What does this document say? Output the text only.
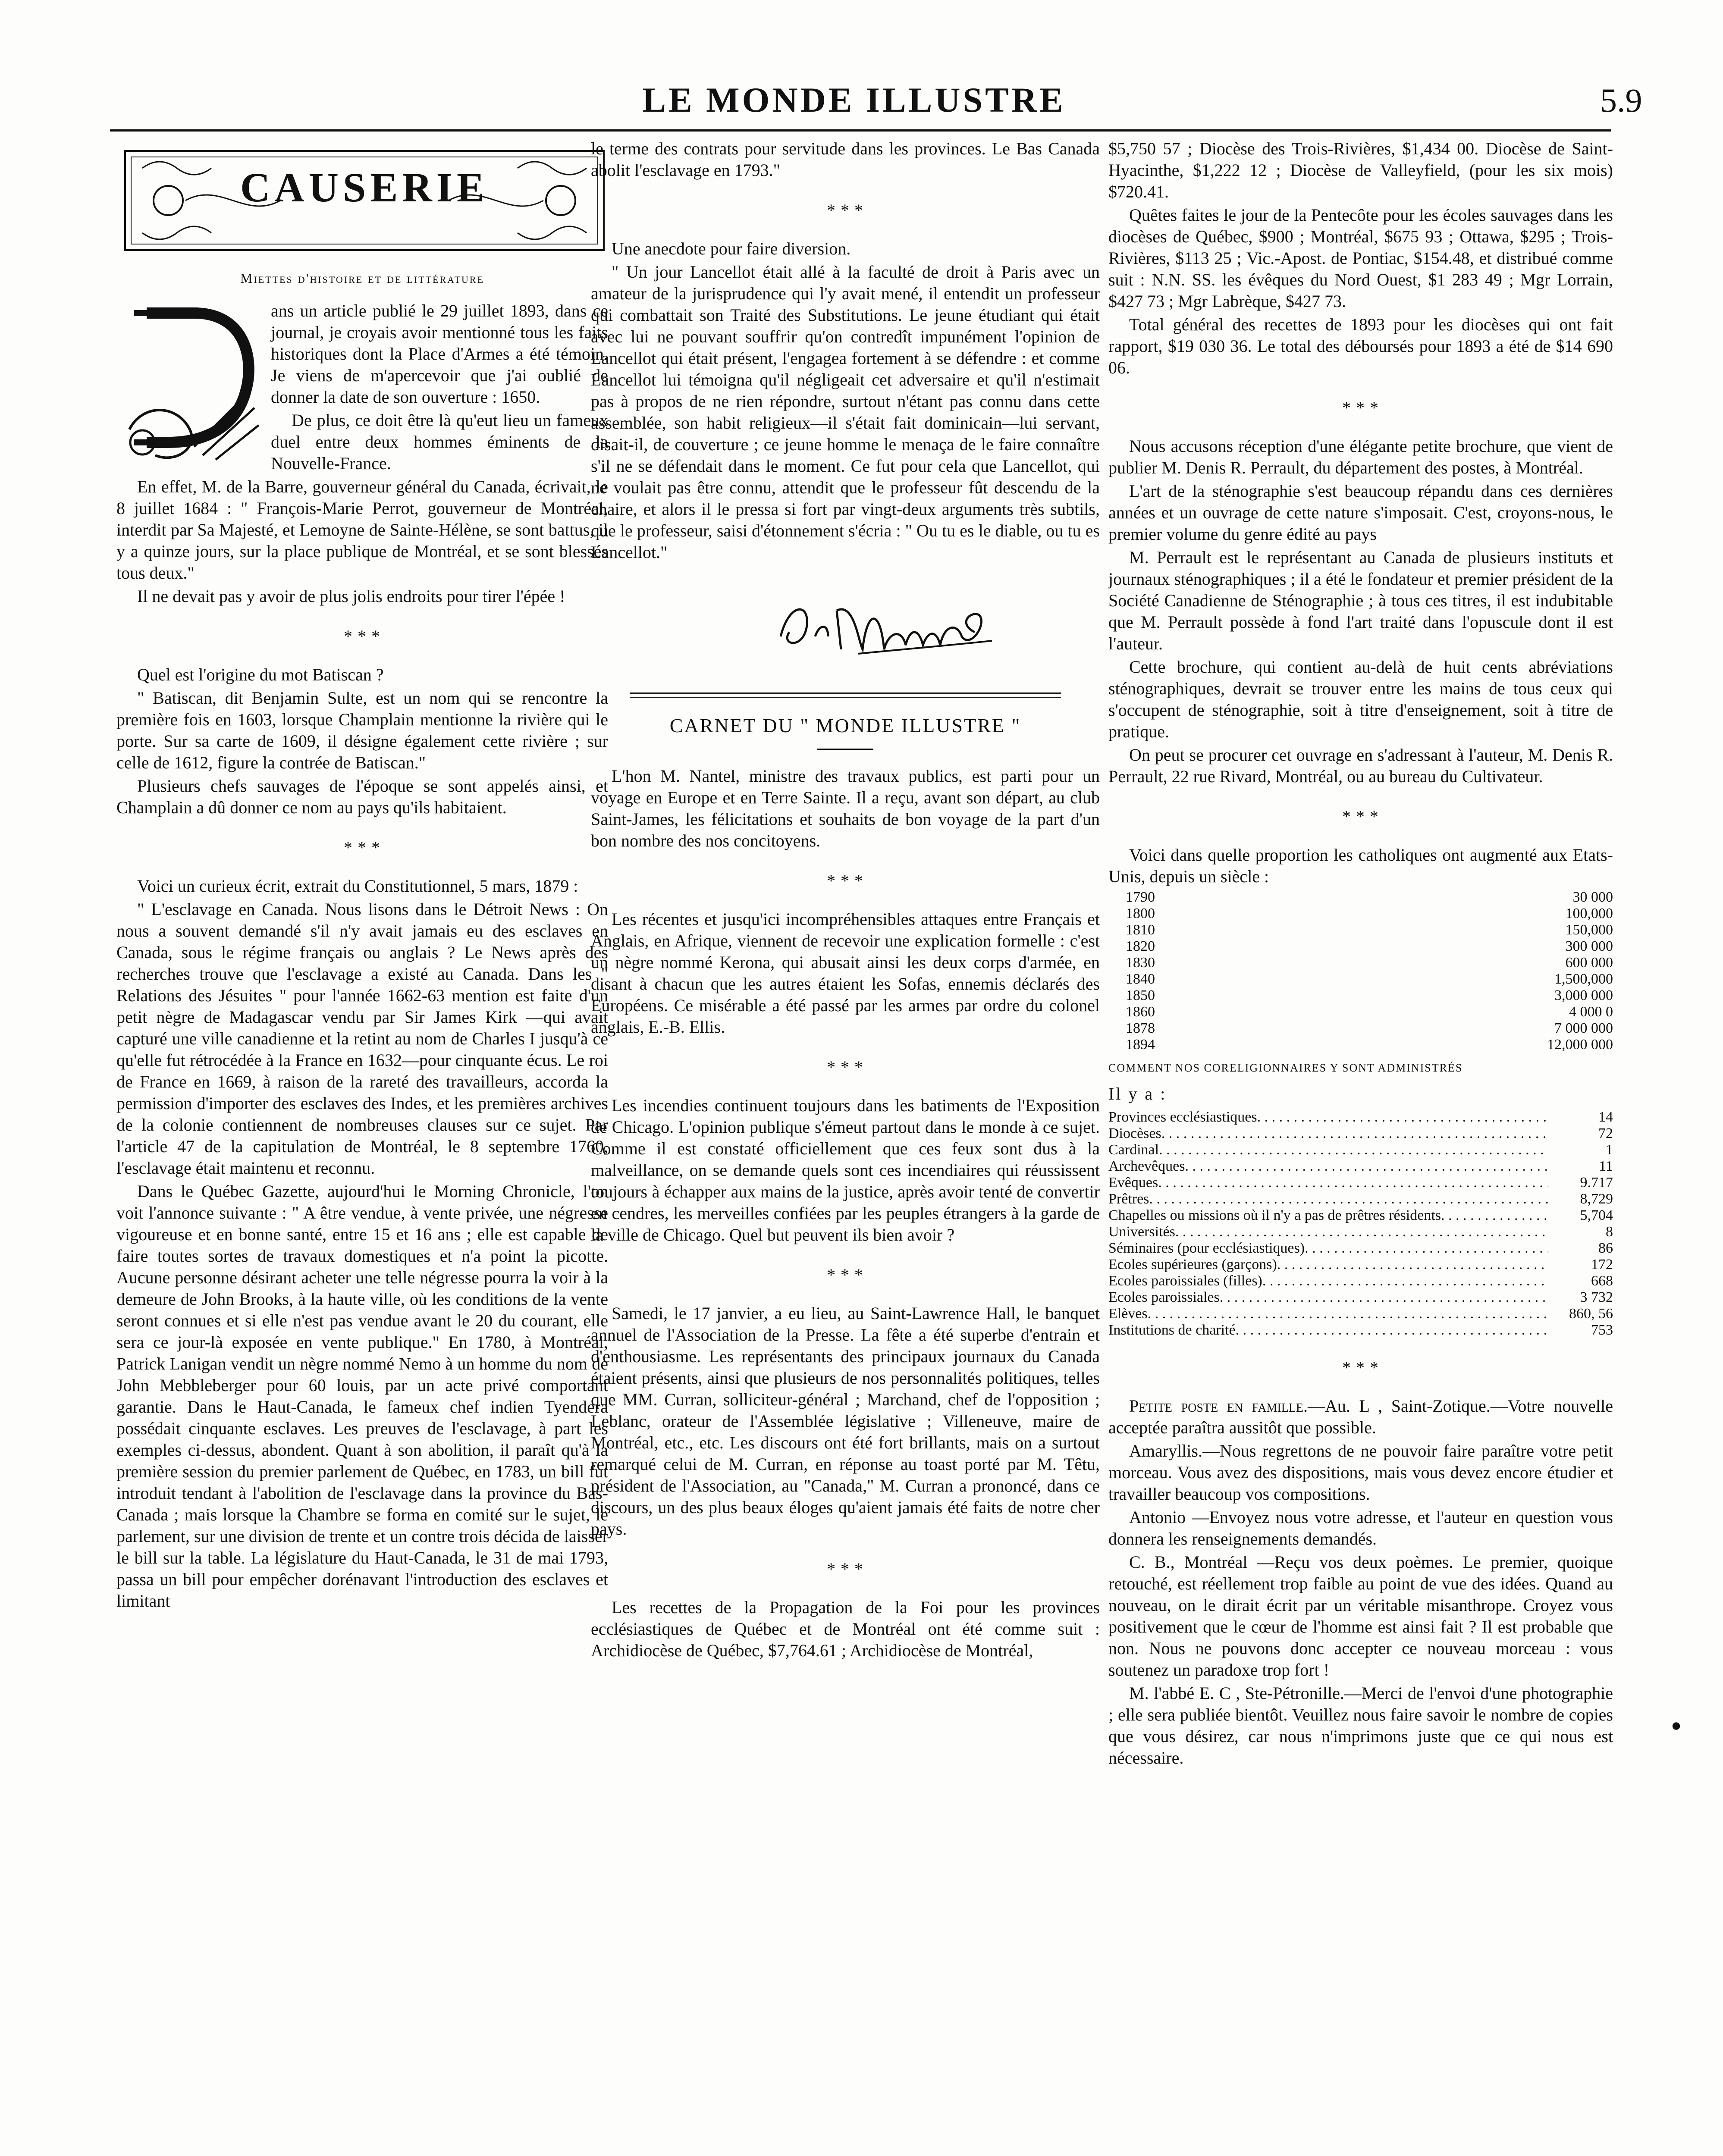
LE MONDE ILLUSTRE	5.9
CAUSERIE
Miettes d'histoire et de littérature

ans un article publié le 29 juillet 1893, dans ce journal, je croyais avoir mentionné tous les faits historiques dont la Place d'Armes a été témoin. Je viens de m'apercevoir que j'ai oublié de donner la date de son ouverture : 1650.

De plus, ce doit être là qu'eut lieu un fameux duel entre deux hommes éminents de la Nouvelle-France.

En effet, M. de la Barre, gouverneur général du Canada, écrivait, le 8 juillet 1684 : " François-Marie Perrot, gouverneur de Montréal, interdit par Sa Majesté, et Lemoyne de Sainte-Hélène, se sont battus, il y a quinze jours, sur la place publique de Montréal, et se sont blessés tous deux."

Il ne devait pas y avoir de plus jolis endroits pour tirer l'épée !

* * *

Quel est l'origine du mot Batiscan ?

" Batiscan, dit Benjamin Sulte, est un nom qui se rencontre la première fois en 1603, lorsque Champlain mentionne la rivière qui le porte. Sur sa carte de 1609, il désigne également cette rivière ; sur celle de 1612, figure la contrée de Batiscan."

Plusieurs chefs sauvages de l'époque se sont appelés ainsi, et Champlain a dû donner ce nom au pays qu'ils habitaient.

* * *

Voici un curieux écrit, extrait du Constitutionnel, 5 mars, 1879 :

" L'esclavage en Canada. Nous lisons dans le Détroit News : On nous a souvent demandé s'il n'y avait jamais eu des esclaves en Canada, sous le régime français ou anglais ? Le News après des recherches trouve que l'esclavage a existé au Canada. Dans les " Relations des Jésuites " pour l'année 1662-63 mention est faite d'un petit nègre de Madagascar vendu par Sir James Kirk —qui avait capturé une ville canadienne et la retint au nom de Charles I jusqu'à ce qu'elle fut rétrocédée à la France en 1632—pour cinquante écus. Le roi de France en 1669, à raison de la rareté des travailleurs, accorda la permission d'importer des esclaves des Indes, et les premières archives de la colonie contiennent de nombreuses clauses sur ce sujet. Par l'article 47 de la capitulation de Montréal, le 8 septembre 1760, l'esclavage était maintenu et reconnu.

Dans le Québec Gazette, aujourd'hui le Morning Chronicle, l'on voit l'annonce suivante : " A être vendue, à vente privée, une négresse vigoureuse et en bonne santé, entre 15 et 16 ans ; elle est capable de faire toutes sortes de travaux domestiques et n'a point la picotte. Aucune personne désirant acheter une telle négresse pourra la voir à la demeure de John Brooks, à la haute ville, où les conditions de la vente seront connues et si elle n'est pas vendue avant le 20 du courant, elle sera ce jour-là exposée en vente publique." En 1780, à Montréal, Patrick Lanigan vendit un nègre nommé Nemo à un homme du nom de John Mebbleberger pour 60 louis, par un acte privé comportant garantie. Dans le Haut-Canada, le fameux chef indien Tyendera possédait cinquante esclaves. Les preuves de l'esclavage, à part les exemples ci-dessus, abondent. Quant à son abolition, il paraît qu'à la première session du premier parlement de Québec, en 1783, un bill fut introduit tendant à l'abolition de l'esclavage dans la province du Bas-Canada ; mais lorsque la Chambre se forma en comité sur le sujet, le parlement, sur une division de trente et un contre trois décida de laisser le bill sur la table. La législature du Haut-Canada, le 31 de mai 1793, passa un bill pour empêcher dorénavant l'introduction des esclaves et limitant

le terme des contrats pour servitude dans les provinces. Le Bas Canada abolit l'esclavage en 1793."

* * *

Une anecdote pour faire diversion.

" Un jour Lancellot était allé à la faculté de droit à Paris avec un amateur de la jurisprudence qui l'y avait mené, il entendit un professeur qui combattait son Traité des Substitutions. Le jeune étudiant qui était avec lui ne pouvant souffrir qu'on contredît impunément l'opinion de Lancellot qui était présent, l'engagea fortement à se défendre : et comme Lancellot lui témoigna qu'il négligeait cet adversaire et qu'il n'estimait pas à propos de ne rien répondre, surtout n'étant pas connu dans cette assemblée, son habit religieux—il s'était fait dominicain—lui servant, disait-il, de couverture ; ce jeune homme le menaça de le faire connaître s'il ne se défendait dans le moment. Ce fut pour cela que Lancellot, qui ne voulait pas être connu, attendit que le professeur fût descendu de la chaire, et alors il le pressa si fort par vingt-deux arguments très subtils, que le professeur, saisi d'étonnement s'écria : " Ou tu es le diable, ou tu es Lancellot."

CARNET DU " MONDE ILLUSTRE "

L'hon M. Nantel, ministre des travaux publics, est parti pour un voyage en Europe et en Terre Sainte. Il a reçu, avant son départ, au club Saint-James, les félicitations et souhaits de bon voyage de la part d'un bon nombre des nos concitoyens.

* * *

Les récentes et jusqu'ici incompréhensibles attaques entre Français et Anglais, en Afrique, viennent de recevoir une explication formelle : c'est un nègre nommé Kerona, qui abusait ainsi les deux corps d'armée, en disant à chacun que les autres étaient les Sofas, ennemis déclarés des Européens. Ce misérable a été passé par les armes par ordre du colonel anglais, E.-B. Ellis.

* * *

Les incendies continuent toujours dans les batiments de l'Exposition de Chicago. L'opinion publique s'émeut partout dans le monde à ce sujet. Comme il est constaté officiellement que ces feux sont dus à la malveillance, on se demande quels sont ces incendiaires qui réussissent toujours à échapper aux mains de la justice, après avoir tenté de convertir en cendres, les merveilles confiées par les peuples étrangers à la garde de la ville de Chicago. Quel but peuvent ils bien avoir ?

* * *

Samedi, le 17 janvier, a eu lieu, au Saint-Lawrence Hall, le banquet annuel de l'Association de la Presse. La fête a été superbe d'entrain et d'enthousiasme. Les représentants des principaux journaux du Canada étaient présents, ainsi que plusieurs de nos personnalités politiques, telles que MM. Curran, solliciteur-général ; Marchand, chef de l'opposition ; Leblanc, orateur de l'Assemblée législative ; Villeneuve, maire de Montréal, etc., etc. Les discours ont été fort brillants, mais on a surtout remarqué celui de M. Curran, en réponse au toast porté par M. Têtu, président de l'Association, au "Canada," M. Curran a prononcé, dans ce discours, un des plus beaux éloges qu'aient jamais été faits de notre cher pays.

* * *

Les recettes de la Propagation de la Foi pour les provinces ecclésiastiques de Québec et de Montréal ont été comme suit : Archidiocèse de Québec, $7,764.61 ; Archidiocèse de Montréal,

$5,750 57 ; Diocèse des Trois-Rivières, $1,434 00. Diocèse de Saint-Hyacinthe, $1,222 12 ; Diocèse de Valleyfield, (pour les six mois) $720.41.

Quêtes faites le jour de la Pentecôte pour les écoles sauvages dans les diocèses de Québec, $900 ; Montréal, $675 93 ; Ottawa, $295 ; Trois-Rivières, $113 25 ; Vic.-Apost. de Pontiac, $154.48, et distribué comme suit : N.N. SS. les évêques du Nord Ouest, $1 283 49 ; Mgr Lorrain, $427 73 ; Mgr Labrèque, $427 73.

Total général des recettes de 1893 pour les diocèses qui ont fait rapport, $19 030 36. Le total des déboursés pour 1893 a été de $14 690 06.

* * *

Nous accusons réception d'une élégante petite brochure, que vient de publier M. Denis R. Perrault, du département des postes, à Montréal.

L'art de la sténographie s'est beaucoup répandu dans ces dernières années et un ouvrage de cette nature s'imposait. C'est, croyons-nous, le premier volume du genre édité au pays

M. Perrault est le représentant au Canada de plusieurs instituts et journaux sténographiques ; il a été le fondateur et premier président de la Société Canadienne de Sténographie ; à tous ces titres, il est indubitable que M. Perrault possède à fond l'art traité dans l'opuscule dont il est l'auteur.

Cette brochure, qui contient au-delà de huit cents abréviations sténographiques, devrait se trouver entre les mains de tous ceux qui s'occupent de sténographie, soit à titre d'enseignement, soit à titre de pratique.

On peut se procurer cet ouvrage en s'adressant à l'auteur, M. Denis R. Perrault, 22 rue Rivard, Montréal, ou au bureau du Cultivateur.

* * *

Voici dans quelle proportion les catholiques ont augmenté aux Etats-Unis, depuis un siècle :

1790	30 000
1800	100,000
1810	150,000
1820	300 000
1830	600 000
1840	1,500,000
1850	3,000 000
1860	4 000 0
1878	7 000 000
1894	12,000 000
COMMENT NOS CORELIGIONNAIRES Y SONT ADMINISTRÉS
Il y a :
Provinces ecclésiastiques . . .	14
Diocèses . . .	72
Cardinal . . .	1
Archevêques . . .	11
Evêques . . .	9.717
Prêtres . . .	8,729
Chapelles ou missions où il n'y a pas de prêtres résidents . . .	5,704
Universités . . .	8
Séminaires (pour ecclésiastiques) . . .	86
Ecoles supérieures (garçons) . . .	172
Ecoles paroissiales (filles) . . .	668
Ecoles paroissiales . . .	3 732
Elèves . . .	860, 56
Institutions de charité . . .	753
* * *

Petite poste en famille.—Au. L , Saint-Zotique.—Votre nouvelle acceptée paraîtra aussitôt que possible.

Amaryllis.—Nous regrettons de ne pouvoir faire paraître votre petit morceau. Vous avez des dispositions, mais vous devez encore étudier et travailler beaucoup vos compositions.

Antonio —Envoyez nous votre adresse, et l'auteur en question vous donnera les renseignements demandés.

C. B., Montréal —Reçu vos deux poèmes. Le premier, quoique retouché, est réellement trop faible au point de vue des idées. Quand au nouveau, on le dirait écrit par un véritable misanthrope. Croyez vous positivement que le cœur de l'homme est ainsi fait ? Il est probable que non. Nous ne pouvons donc accepter ce nouveau morceau : vous soutenez un paradoxe trop fort !

M. l'abbé E. C , Ste-Pétronille.—Merci de l'envoi d'une photographie ; elle sera publiée bientôt. Veuillez nous faire savoir le nombre de copies que vous désirez, car nous n'imprimons juste que ce qui nous est nécessaire.

•
